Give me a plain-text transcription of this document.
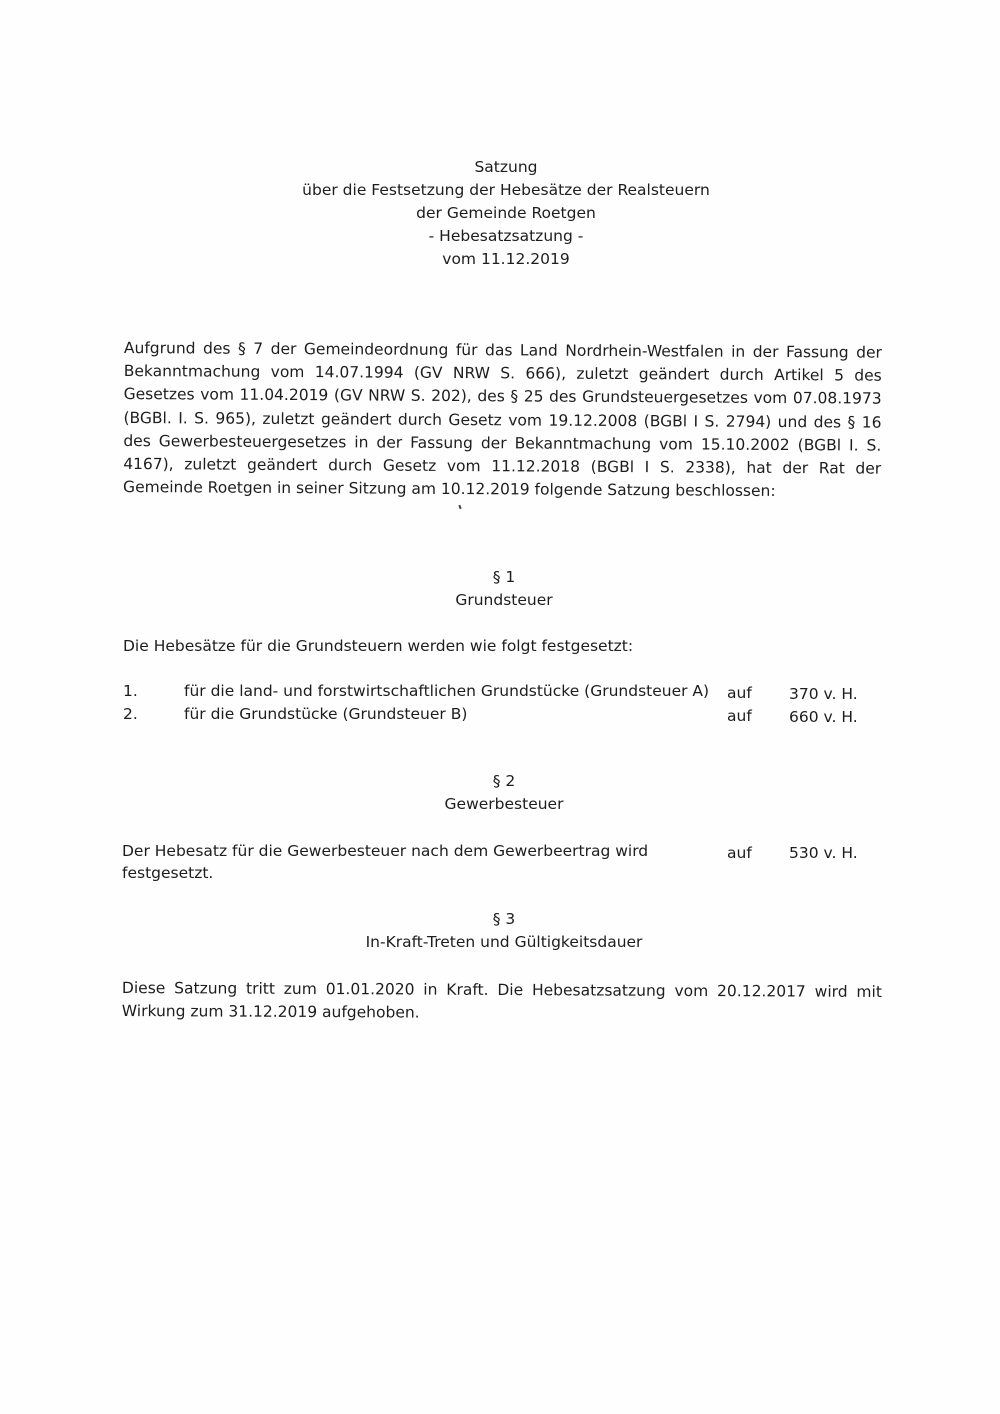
Satzung
über die Festsetzung der Hebesätze der Realsteuern
der Gemeinde Roetgen
- Hebesatzsatzung -
vom 11.12.2019
Aufgrund des § 7 der Gemeindeordnung für das Land Nordrhein-Westfalen in der Fassung der Bekanntmachung vom 14.07.1994 (GV NRW S. 666), zuletzt geändert durch Artikel 5 des Gesetzes vom 11.04.2019 (GV NRW S. 202), des § 25 des Grundsteuergesetzes vom 07.08.1973 (BGBl. I. S. 965), zuletzt geändert durch Gesetz vom 19.12.2008 (BGBl I S. 2794) und des § 16 des Gewerbesteuergesetzes in der Fassung der Bekanntmachung vom 15.10.2002 (BGBl I. S. 4167), zuletzt geändert durch Gesetz vom 11.12.2018 (BGBl I S. 2338), hat der Rat der Gemeinde Roetgen in seiner Sitzung am 10.12.2019 folgende Satzung beschlossen:
§ 1
Grundsteuer
Die Hebesätze für die Grundsteuern werden wie folgt festgesetzt:
1.	für die land- und forstwirtschaftlichen Grundstücke (Grundsteuer A) auf 370 v. H.
2.	für die Grundstücke (Grundsteuer B)	auf 660 v. H.
§ 2
Gewerbesteuer
Der Hebesatz für die Gewerbesteuer nach dem Gewerbeertrag wird festgesetzt.
auf 530 v. H.
§ 3
In-Kraft-Treten und Gültigkeitsdauer
Diese Satzung tritt zum 01.01.2020 in Kraft. Die Hebesatzsatzung vom 20.12.2017 wird mit Wirkung zum 31.12.2019 aufgehoben.
